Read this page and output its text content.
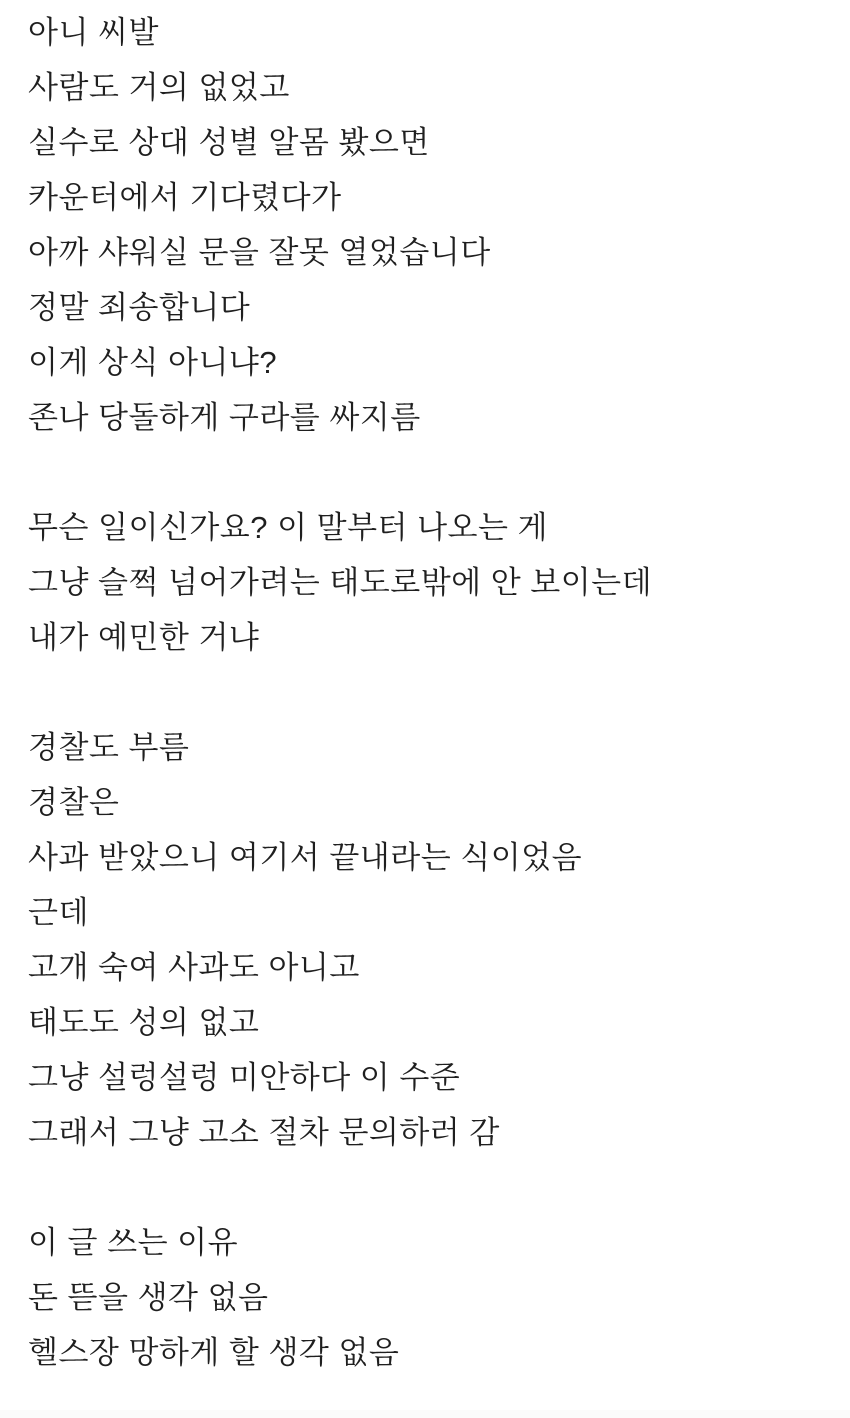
아니 씨발
사람도 거의 없었고
실수로 상대 성별 알몸 봤으면
카운터에서 기다렸다가
아까 샤워실 문을 잘못 열었습니다
정말 죄송합니다
이게 상식 아니냐?
존나 당돌하게 구라를 싸지름
무슨 일이신가요? 이 말부터 나오는 게
그냥 슬쩍 넘어가려는 태도로밖에 안 보이는데
내가 예민한 거냐
경찰도 부름
경찰은
사과 받았으니 여기서 끝내라는 식이었음
근데
고개 숙여 사과도 아니고
태도도 성의 없고
그냥 설렁설렁 미안하다 이 수준
그래서 그냥 고소 절차 문의하러 감
이 글 쓰는 이유
돈 뜯을 생각 없음
헬스장 망하게 할 생각 없음
